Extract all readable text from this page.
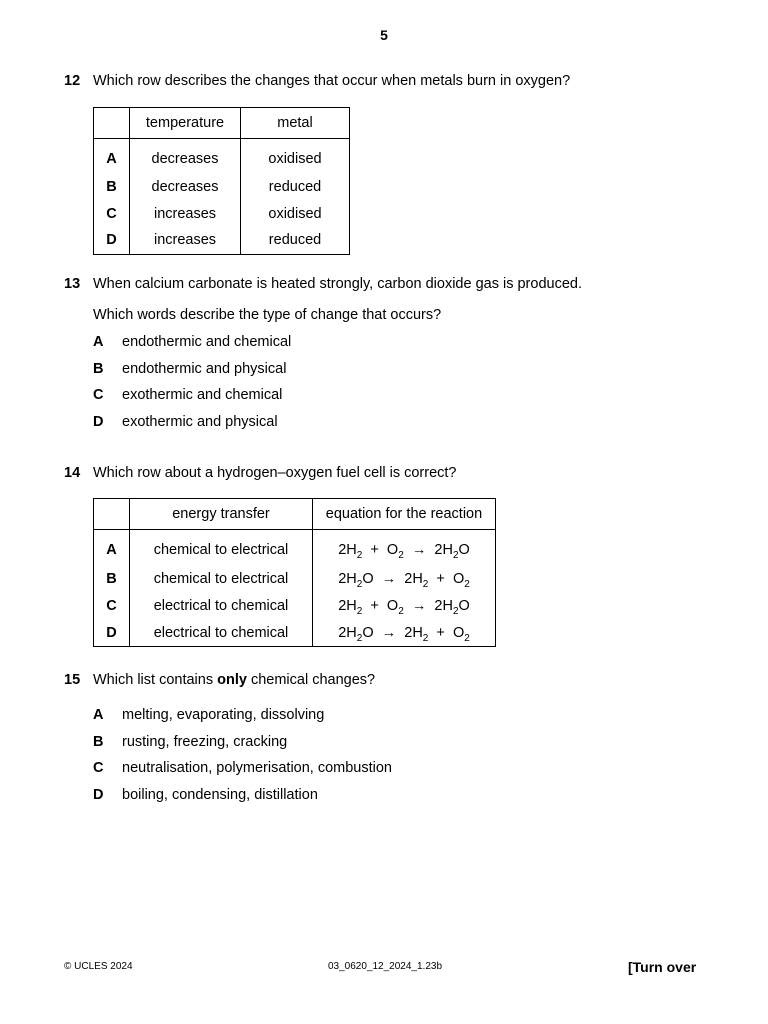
5
12 Which row describes the changes that occur when metals burn in oxygen?
	temperature	metal
A	decreases	oxidised
B	decreases	reduced
C	increases	oxidised
D	increases	reduced
13 When calcium carbonate is heated strongly, carbon dioxide gas is produced.
Which words describe the type of change that occurs?
A	endothermic and chemical
B	endothermic and physical
C	exothermic and chemical
D	exothermic and physical
14 Which row about a hydrogen–oxygen fuel cell is correct?
	energy transfer	equation for the reaction
A	chemical to electrical	$2H_2 + O_2 \to 2H_2O$
B	chemical to electrical	$2H_2O \to 2H_2 + O_2$
C	electrical to chemical	$2H_2 + O_2 \to 2H_2O$
D	electrical to chemical	$2H_2O \to 2H_2 + O_2$
15 Which list contains only chemical changes?
A	melting, evaporating, dissolving
B	rusting, freezing, cracking
C	neutralisation, polymerisation, combustion
D	boiling, condensing, distillation
© UCLES 2024	03_0620_12_2024_1.23b	[Turn over
